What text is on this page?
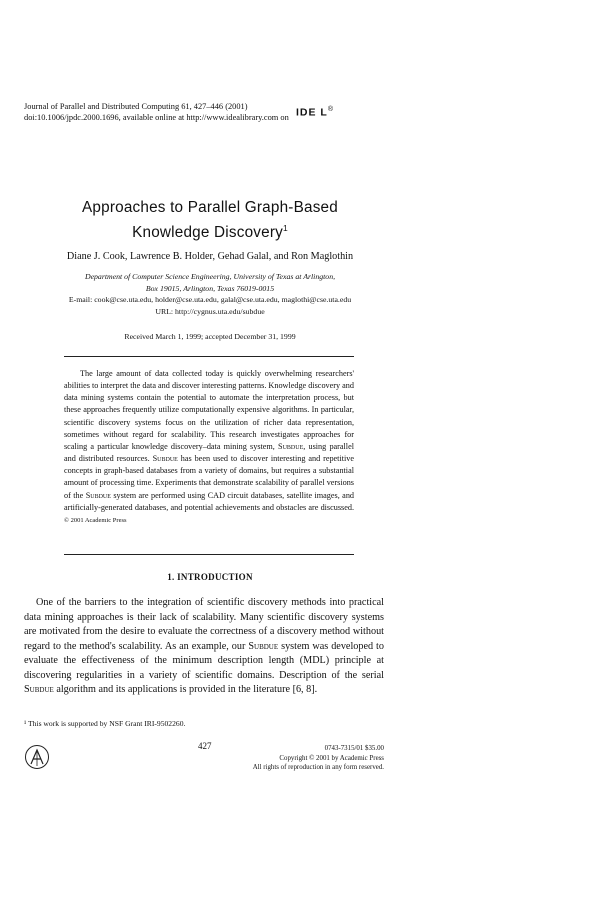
Journal of Parallel and Distributed Computing 61, 427–446 (2001)
doi:10.1006/jpdc.2000.1696, available online at http://www.idealibrary.com on IDE L®
Approaches to Parallel Graph-Based
Knowledge Discovery$^1$
Diane J. Cook, Lawrence B. Holder, Gehad Galal, and Ron Maglothin
Department of Computer Science Engineering, University of Texas at Arlington,
Box 19015, Arlington, Texas 76019-0015
E-mail: cook@cse.uta.edu, holder@cse.uta.edu, galal@cse.uta.edu, maglothi@cse.uta.edu
URL: http://cygnus.uta.edu/subdue
Received March 1, 1999; accepted December 31, 1999
The large amount of data collected today is quickly overwhelming researchers' abilities to interpret the data and discover interesting patterns. Knowledge discovery and data mining systems contain the potential to automate the interpretation process, but these approaches frequently utilize computationally expensive algorithms. In particular, scientific discovery systems focus on the utilization of richer data representation, sometimes without regard for scalability. This research investigates approaches for scaling a particular knowledge discovery–data mining system, Subdue, using parallel and distributed resources. Subdue has been used to discover interesting and repetitive concepts in graph-based databases from a variety of domains, but requires a substantial amount of processing time. Experiments that demonstrate scalability of parallel versions of the Subdue system are performed using CAD circuit databases, satellite images, and artificially-generated databases, and potential achievements and obstacles are discussed. © 2001 Academic Press
1. INTRODUCTION
One of the barriers to the integration of scientific discovery methods into practical data mining approaches is their lack of scalability. Many scientific discovery systems are motivated from the desire to evaluate the correctness of a discovery method without regard to the method's scalability. As an example, our Subdue system was developed to evaluate the effectiveness of the minimum description length (MDL) principle at discovering regularities in a variety of scientific domains. Description of the serial Subdue algorithm and its applications is provided in the literature [6, 8].
¹ This work is supported by NSF Grant IRI-9502260.
427	0743-7315/01 $35.00
Copyright © 2001 by Academic Press
All rights of reproduction in any form reserved.
